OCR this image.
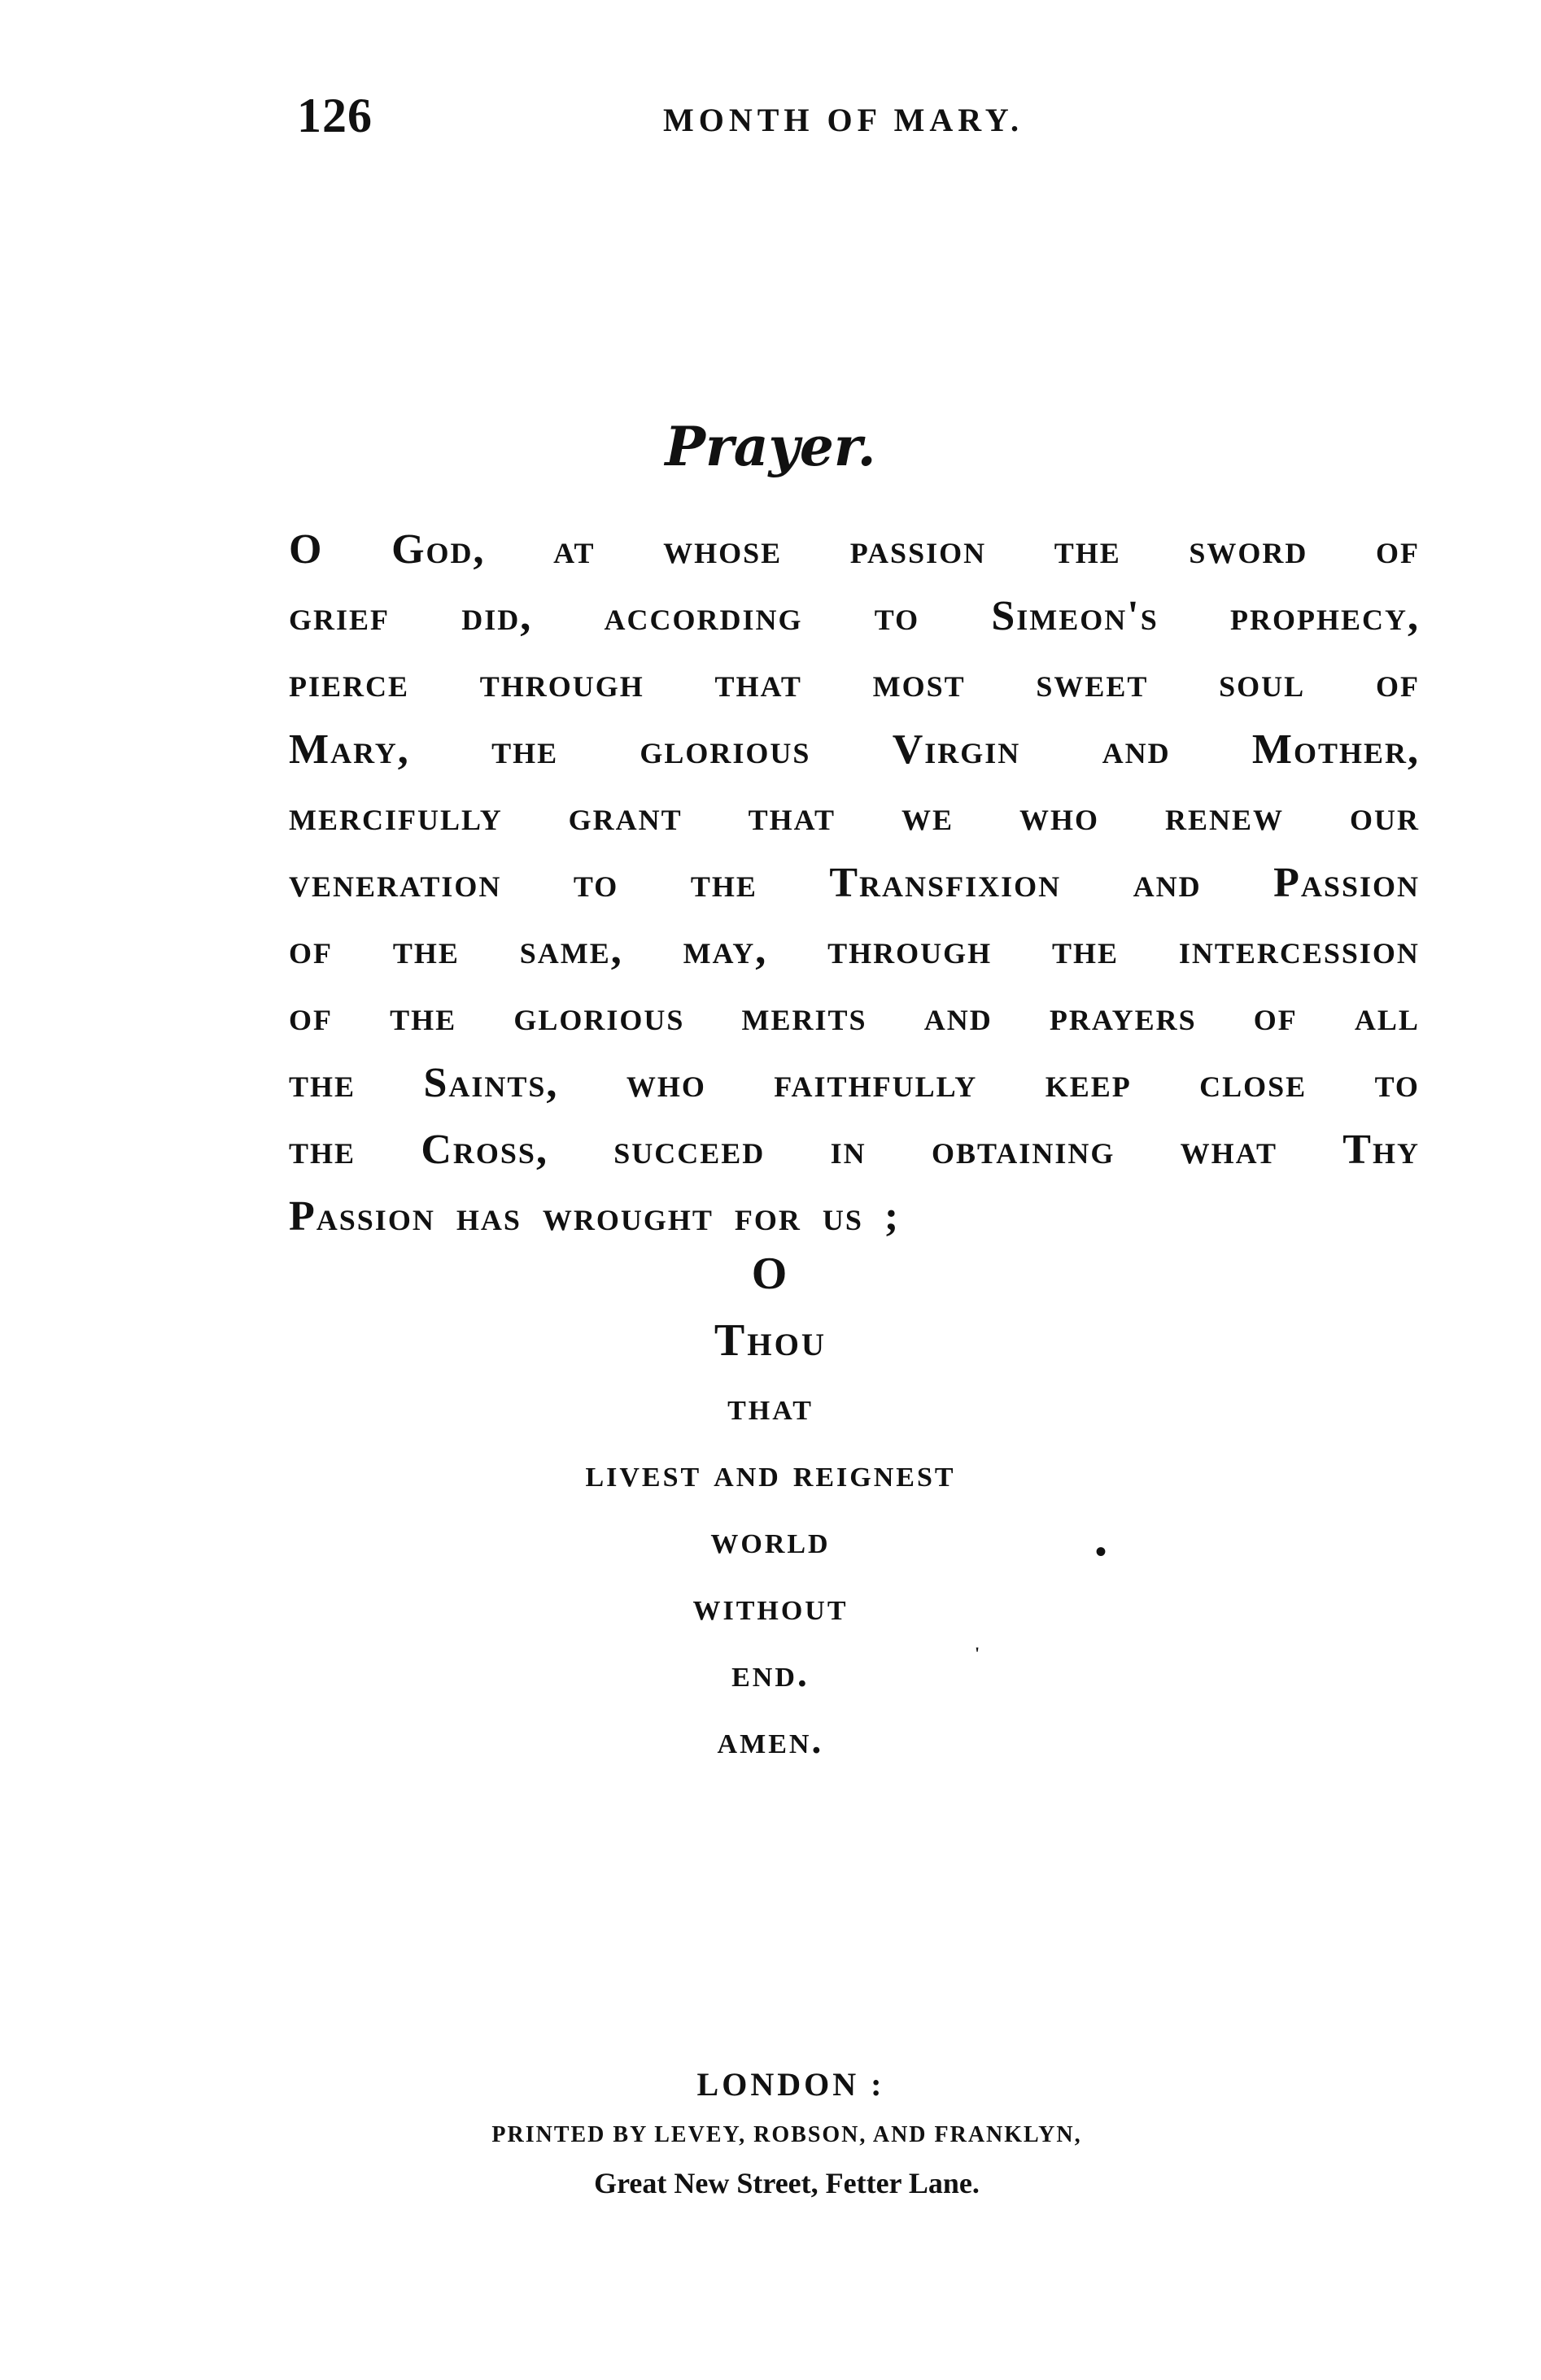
126	MONTH OF MARY.
Prayer.
O God, at whose passion the sword of
grief did, according to Simeon's prophecy,
pierce through that most sweet soul of
Mary, the glorious Virgin and Mother,
mercifully grant that we who renew our
veneration to the Transfixion and Passion
of the same, may, through the intercession
of the glorious merits and prayers of all
the Saints, who faithfully keep close to
the Cross, succeed in obtaining what Thy
Passion has wrought for us ;
O
Thou
that
livest and reignest
world
without
end.
amen.
•
'
LONDON :
PRINTED BY LEVEY, ROBSON, AND FRANKLYN,
Great New Street, Fetter Lane.
